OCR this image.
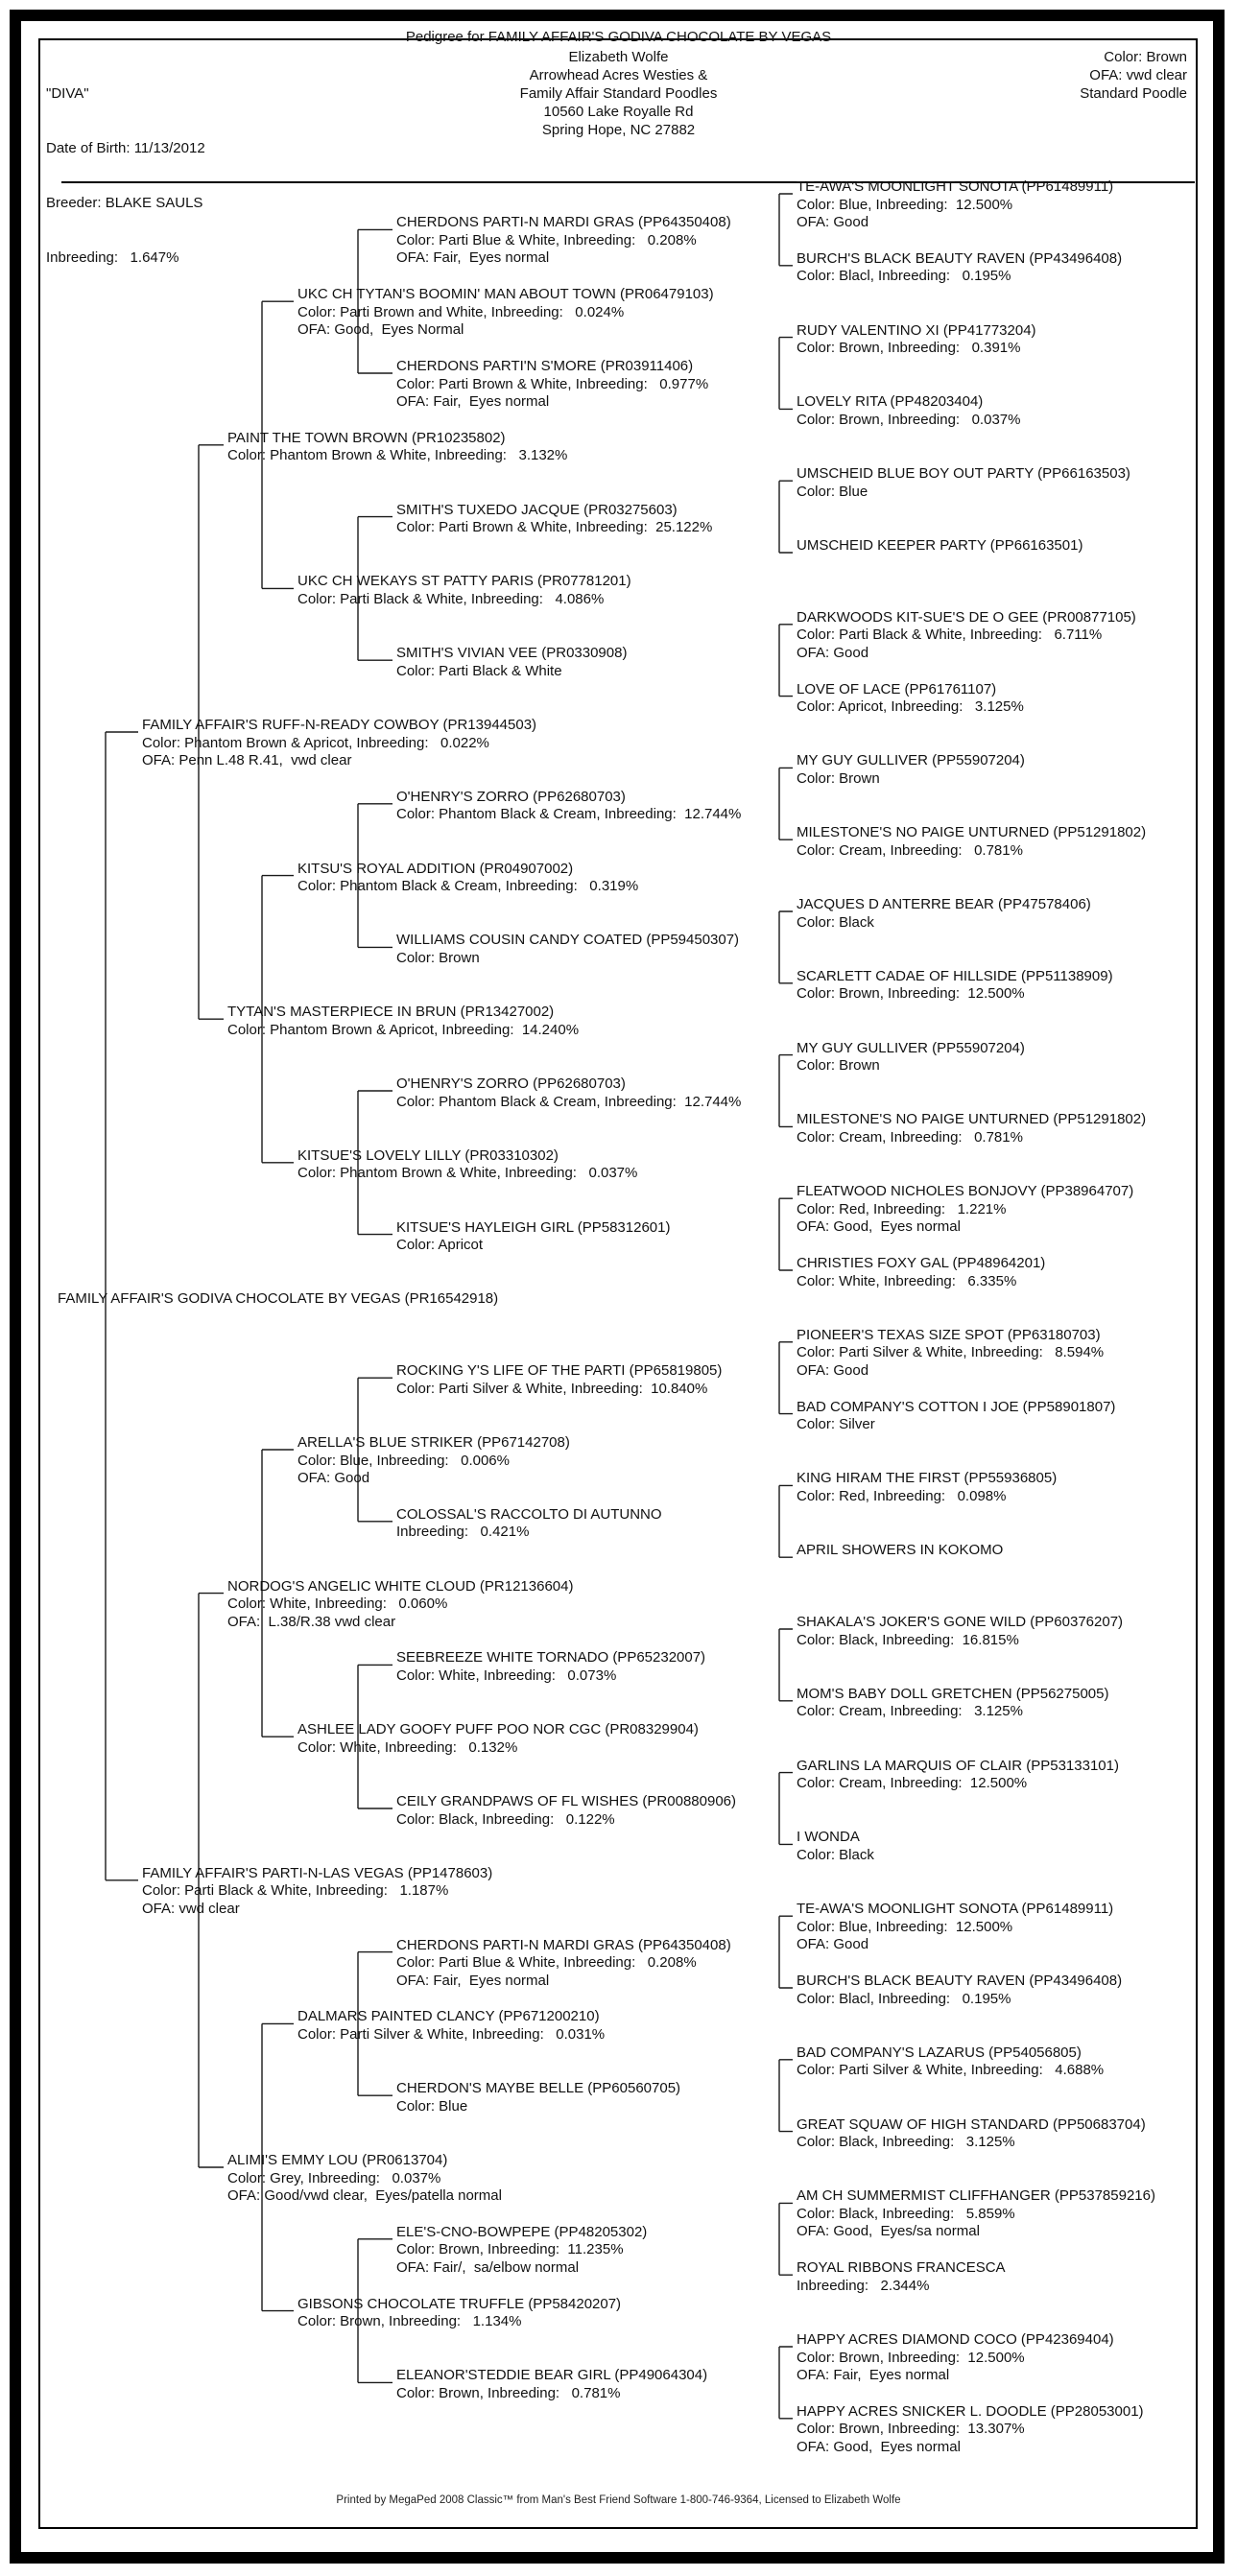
Pedigree for FAMILY AFFAIR'S GODIVA CHOCOLATE BY VEGAS

"DIVA"

Date of Birth: 11/13/2012

Breeder: BLAKE SAULS

Inbreeding:   1.647%

Elizabeth Wolfe
Arrowhead Acres Westies &
Family Affair Standard Poodles
10560 Lake Royalle Rd
Spring Hope, NC 27882
Color: Brown
OFA: vwd clear
Standard Poodle
FAMILY AFFAIR'S GODIVA CHOCOLATE BY VEGAS (PR16542918)
FAMILY AFFAIR'S RUFF-N-READY COWBOY (PR13944503)
Color: Phantom Brown & Apricot, Inbreeding:   0.022%
OFA: Penn L.48 R.41,  vwd clear
FAMILY AFFAIR'S PARTI-N-LAS VEGAS (PP1478603)
Color: Parti Black & White, Inbreeding:   1.187%
OFA: vwd clear
PAINT THE TOWN BROWN (PR10235802)
Color: Phantom Brown & White, Inbreeding:   3.132%
TYTAN'S MASTERPIECE IN BRUN (PR13427002)
Color: Phantom Brown & Apricot, Inbreeding:  14.240%
NORDOG'S ANGELIC WHITE CLOUD (PR12136604)
Color: White, Inbreeding:   0.060%
OFA:  L.38/R.38 vwd clear
ALIMI'S EMMY LOU (PR0613704)
Color: Grey, Inbreeding:   0.037%
OFA: Good/vwd clear,  Eyes/patella normal
UKC CH TYTAN'S BOOMIN' MAN ABOUT TOWN (PR06479103)
Color: Parti Brown and White, Inbreeding:   0.024%
OFA: Good,  Eyes Normal
UKC CH WEKAYS ST PATTY PARIS (PR07781201)
Color: Parti Black & White, Inbreeding:   4.086%
KITSU'S ROYAL ADDITION (PR04907002)
Color: Phantom Black & Cream, Inbreeding:   0.319%
KITSUE'S LOVELY LILLY (PR03310302)
Color: Phantom Brown & White, Inbreeding:   0.037%
ARELLA'S BLUE STRIKER (PP67142708)
Color: Blue, Inbreeding:   0.006%
OFA: Good
ASHLEE LADY GOOFY PUFF POO NOR CGC (PR08329904)
Color: White, Inbreeding:   0.132%
DALMARS PAINTED CLANCY (PP671200210)
Color: Parti Silver & White, Inbreeding:   0.031%
GIBSONS CHOCOLATE TRUFFLE (PP58420207)
Color: Brown, Inbreeding:   1.134%
CHERDONS PARTI-N MARDI GRAS (PP64350408)
Color: Parti Blue & White, Inbreeding:   0.208%
OFA: Fair,  Eyes normal
CHERDONS PARTI'N S'MORE (PR03911406)
Color: Parti Brown & White, Inbreeding:   0.977%
OFA: Fair,  Eyes normal
SMITH'S TUXEDO JACQUE (PR03275603)
Color: Parti Brown & White, Inbreeding:  25.122%
SMITH'S VIVIAN VEE (PR0330908)
Color: Parti Black & White
O'HENRY'S ZORRO (PP62680703)
Color: Phantom Black & Cream, Inbreeding:  12.744%
WILLIAMS COUSIN CANDY COATED (PP59450307)
Color: Brown
O'HENRY'S ZORRO (PP62680703)
Color: Phantom Black & Cream, Inbreeding:  12.744%
KITSUE'S HAYLEIGH GIRL (PP58312601)
Color: Apricot
ROCKING Y'S LIFE OF THE PARTI (PP65819805)
Color: Parti Silver & White, Inbreeding:  10.840%
COLOSSAL'S RACCOLTO DI AUTUNNO
Inbreeding:   0.421%
SEEBREEZE WHITE TORNADO (PP65232007)
Color: White, Inbreeding:   0.073%
CEILY GRANDPAWS OF FL WISHES (PR00880906)
Color: Black, Inbreeding:   0.122%
CHERDONS PARTI-N MARDI GRAS (PP64350408)
Color: Parti Blue & White, Inbreeding:   0.208%
OFA: Fair,  Eyes normal
CHERDON'S MAYBE BELLE (PP60560705)
Color: Blue
ELE'S-CNO-BOWPEPE (PP48205302)
Color: Brown, Inbreeding:  11.235%
OFA: Fair/,  sa/elbow normal
ELEANOR'STEDDIE BEAR GIRL (PP49064304)
Color: Brown, Inbreeding:   0.781%
TE-AWA'S MOONLIGHT SONOTA (PP61489911)
Color: Blue, Inbreeding:  12.500%
OFA: Good
BURCH'S BLACK BEAUTY RAVEN (PP43496408)
Color: Blacl, Inbreeding:   0.195%
RUDY VALENTINO XI (PP41773204)
Color: Brown, Inbreeding:   0.391%
LOVELY RITA (PP48203404)
Color: Brown, Inbreeding:   0.037%
UMSCHEID BLUE BOY OUT PARTY (PP66163503)
Color: Blue
UMSCHEID KEEPER PARTY (PP66163501)
DARKWOODS KIT-SUE'S DE O GEE (PR00877105)
Color: Parti Black & White, Inbreeding:   6.711%
OFA: Good
LOVE OF LACE (PP61761107)
Color: Apricot, Inbreeding:   3.125%
MY GUY GULLIVER (PP55907204)
Color: Brown
MILESTONE'S NO PAIGE UNTURNED (PP51291802)
Color: Cream, Inbreeding:   0.781%
JACQUES D ANTERRE BEAR (PP47578406)
Color: Black
SCARLETT CADAE OF HILLSIDE (PP51138909)
Color: Brown, Inbreeding:  12.500%
MY GUY GULLIVER (PP55907204)
Color: Brown
MILESTONE'S NO PAIGE UNTURNED (PP51291802)
Color: Cream, Inbreeding:   0.781%
FLEATWOOD NICHOLES BONJOVY (PP38964707)
Color: Red, Inbreeding:   1.221%
OFA: Good,  Eyes normal
CHRISTIES FOXY GAL (PP48964201)
Color: White, Inbreeding:   6.335%
PIONEER'S TEXAS SIZE SPOT (PP63180703)
Color: Parti Silver & White, Inbreeding:   8.594%
OFA: Good
BAD COMPANY'S COTTON I JOE (PP58901807)
Color: Silver
KING HIRAM THE FIRST (PP55936805)
Color: Red, Inbreeding:   0.098%
APRIL SHOWERS IN KOKOMO
SHAKALA'S JOKER'S GONE WILD (PP60376207)
Color: Black, Inbreeding:  16.815%
MOM'S BABY DOLL GRETCHEN (PP56275005)
Color: Cream, Inbreeding:   3.125%
GARLINS LA MARQUIS OF CLAIR (PP53133101)
Color: Cream, Inbreeding:  12.500%
I WONDA
Color: Black
TE-AWA'S MOONLIGHT SONOTA (PP61489911)
Color: Blue, Inbreeding:  12.500%
OFA: Good
BURCH'S BLACK BEAUTY RAVEN (PP43496408)
Color: Blacl, Inbreeding:   0.195%
BAD COMPANY'S LAZARUS (PP54056805)
Color: Parti Silver & White, Inbreeding:   4.688%
GREAT SQUAW OF HIGH STANDARD (PP50683704)
Color: Black, Inbreeding:   3.125%
AM CH SUMMERMIST CLIFFHANGER (PP537859216)
Color: Black, Inbreeding:   5.859%
OFA: Good,  Eyes/sa normal
ROYAL RIBBONS FRANCESCA
Inbreeding:   2.344%
HAPPY ACRES DIAMOND COCO (PP42369404)
Color: Brown, Inbreeding:  12.500%
OFA: Fair,  Eyes normal
HAPPY ACRES SNICKER L. DOODLE (PP28053001)
Color: Brown, Inbreeding:  13.307%
OFA: Good,  Eyes normal
Printed by MegaPed 2008 Classic™ from Man's Best Friend Software 1-800-746-9364, Licensed to Elizabeth Wolfe
